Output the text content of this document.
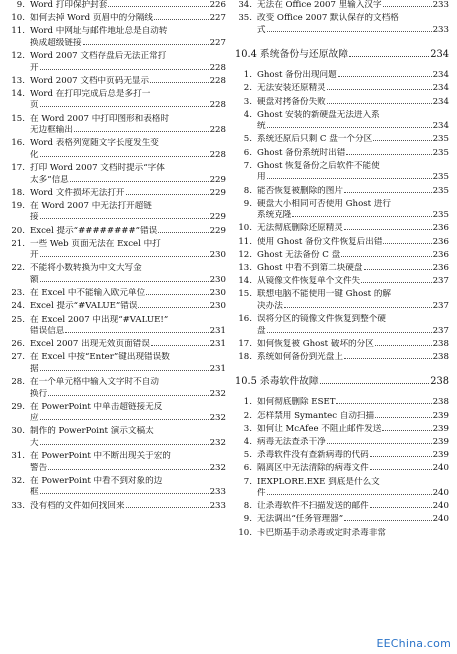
9. Word 打印保护封套	226
10. 如何去掉 Word 页眉中的分隔线	227
11. Word 中网址与邮件地址总是自动转
换成超级链接	227
12. Word 2007 文档存盘后无法正常打
开	228
13. Word 2007 文档中页码无显示	228
14. Word 在打印完成后总是多打一
页	228
15. 在 Word 2007 中打印图形和表格时
无边框输出	228
16. Word 表格列宽随文字长度发生变
化	228
17. 打印 Word 2007 文档时提示“字体
太多”信息	229
18. Word 文件损坏无法打开	229
19. 在 Word 2007 中无法打开超链
接	229
20. Excel 提示“########”错误	229
21. 一些 Web 页面无法在 Excel 中打
开	230
22. 不能将小数转换为中文大写金
额	230
23. 在 Excel 中不能输入欧元单位	230
24. Excel 提示“#VALUE”错误	230
25. 在 Excel 2007 中出现“#VALUE!”
错误信息	231
26. Excel 2007 出现无效页面错误	231
27. 在 Excel 中按“Enter”键出现错误数
据	231
28. 在一个单元格中输入文字时不自动
换行	232
29. 在 PowerPoint 中单击超链接无反
应	232
30. 制作的 PowerPoint 演示文稿太
大	232
31. 在 PowerPoint 中不断出现关于宏的
警告	232
32. 在 PowerPoint 中看不到对象的边
框	233
33. 没有档的文件如何找回来	233
34. 无法在 Office 2007 里输入汉字	233
35. 改变 Office 2007 默认保存的文档格
式	233
10.4 系统备份与还原故障	234
1. Ghost 备份出现问题	234
2. 无法安装还原精灵	234
3. 硬盘对拷备份失败	234
4. Ghost 安装的新硬盘无法进入系
统	234
5. 系统还原后只剩 C 盘一个分区	235
6. Ghost 备份系统时出错	235
7. Ghost 恢复备份之后软件不能使
用	235
8. 能否恢复被删除的图片	235
9. 硬盘大小相同可否使用 Ghost 进行
系统克隆	235
10. 无法彻底删除还原精灵	236
11. 使用 Ghost 备份文件恢复后出错	236
12. Ghost 无法备份 C 盘	236
13. Ghost 中看不到第二块硬盘	236
14. 从镜像文件恢复单个文件失	237
15. 联想电脑不能使用一键 Ghost 的解
决办法	237
16. 误将分区的镜像文件恢复到整个硬
盘	237
17. 如何恢复被 Ghost 破坏的分区	238
18. 系统如何备份到光盘上	238
10.5 杀毒软件故障	238
1. 如何彻底删除 ESET	238
2. 怎样禁用 Symantec 自动扫描	239
3. 如何让 McAfee 不阻止邮件发送	239
4. 病毒无法查杀干净	239
5. 杀毒软件没有查新病毒的代码	239
6. 隔离区中无法清除的病毒文件	240
7. IEXPLORE.EXE 到底是什么文
件	240
8. 让杀毒软件不扫描发送的邮件	240
9. 无法调出“任务管理器”	240
10. 卡巴斯基手动杀毒或定时杀毒非常
EEChina.com
